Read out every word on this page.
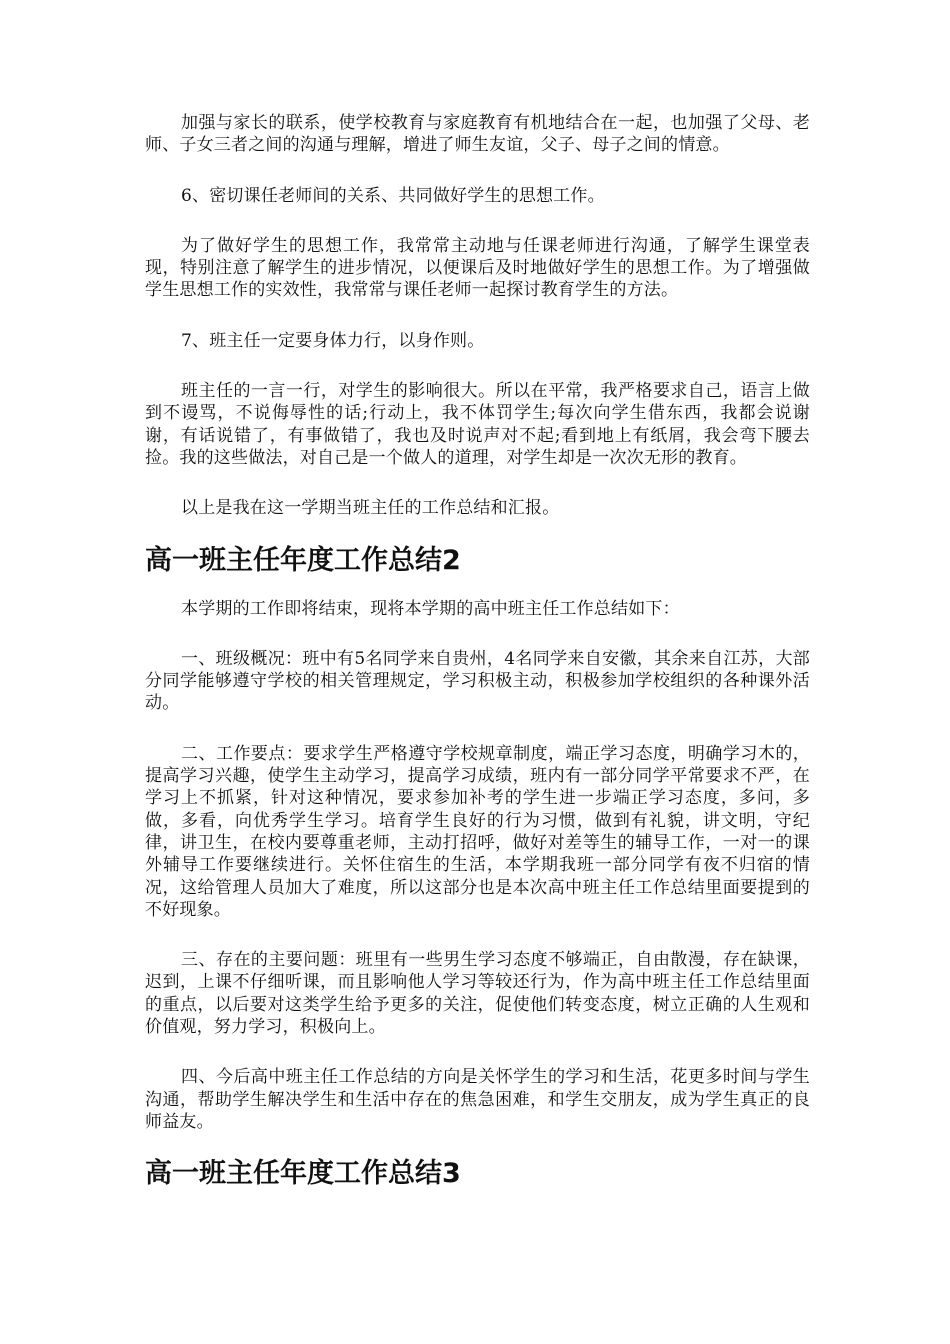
加强与家长的联系，使学校教育与家庭教育有机地结合在一起，也加强了父母、老师、子女三者之间的沟通与理解，增进了师生友谊，父子、母子之间的情意。

6、密切课任老师间的关系、共同做好学生的思想工作。

为了做好学生的思想工作，我常常主动地与任课老师进行沟通，了解学生课堂表现，特别注意了解学生的进步情况，以便课后及时地做好学生的思想工作。为了增强做学生思想工作的实效性，我常常与课任老师一起探讨教育学生的方法。

7、班主任一定要身体力行，以身作则。

班主任的一言一行，对学生的影响很大。所以在平常，我严格要求自己，语言上做到不谩骂，不说侮辱性的话;行动上，我不体罚学生;每次向学生借东西，我都会说谢谢，有话说错了，有事做错了，我也及时说声对不起;看到地上有纸屑，我会弯下腰去捡。我的这些做法，对自己是一个做人的道理，对学生却是一次次无形的教育。

以上是我在这一学期当班主任的工作总结和汇报。

高一班主任年度工作总结2

本学期的工作即将结束，现将本学期的高中班主任工作总结如下：

一、班级概况：班中有5名同学来自贵州，4名同学来自安徽，其余来自江苏，大部分同学能够遵守学校的相关管理规定，学习积极主动，积极参加学校组织的各种课外活动。

二、工作要点：要求学生严格遵守学校规章制度，端正学习态度，明确学习木的，提高学习兴趣，使学生主动学习，提高学习成绩，班内有一部分同学平常要求不严，在学习上不抓紧，针对这种情况，要求参加补考的学生进一步端正学习态度，多问，多做，多看，向优秀学生学习。培育学生良好的行为习惯，做到有礼貌，讲文明，守纪律，讲卫生，在校内要尊重老师，主动打招呼，做好对差等生的辅导工作，一对一的课外辅导工作要继续进行。关怀住宿生的生活，本学期我班一部分同学有夜不归宿的情况，这给管理人员加大了难度，所以这部分也是本次高中班主任工作总结里面要提到的不好现象。

三、存在的主要问题：班里有一些男生学习态度不够端正，自由散漫，存在缺课，迟到，上课不仔细听课，而且影响他人学习等较还行为，作为高中班主任工作总结里面的重点，以后要对这类学生给予更多的关注，促使他们转变态度，树立正确的人生观和价值观，努力学习，积极向上。

四、今后高中班主任工作总结的方向是关怀学生的学习和生活，花更多时间与学生沟通，帮助学生解决学生和生活中存在的焦急困难，和学生交朋友，成为学生真正的良师益友。

高一班主任年度工作总结3
